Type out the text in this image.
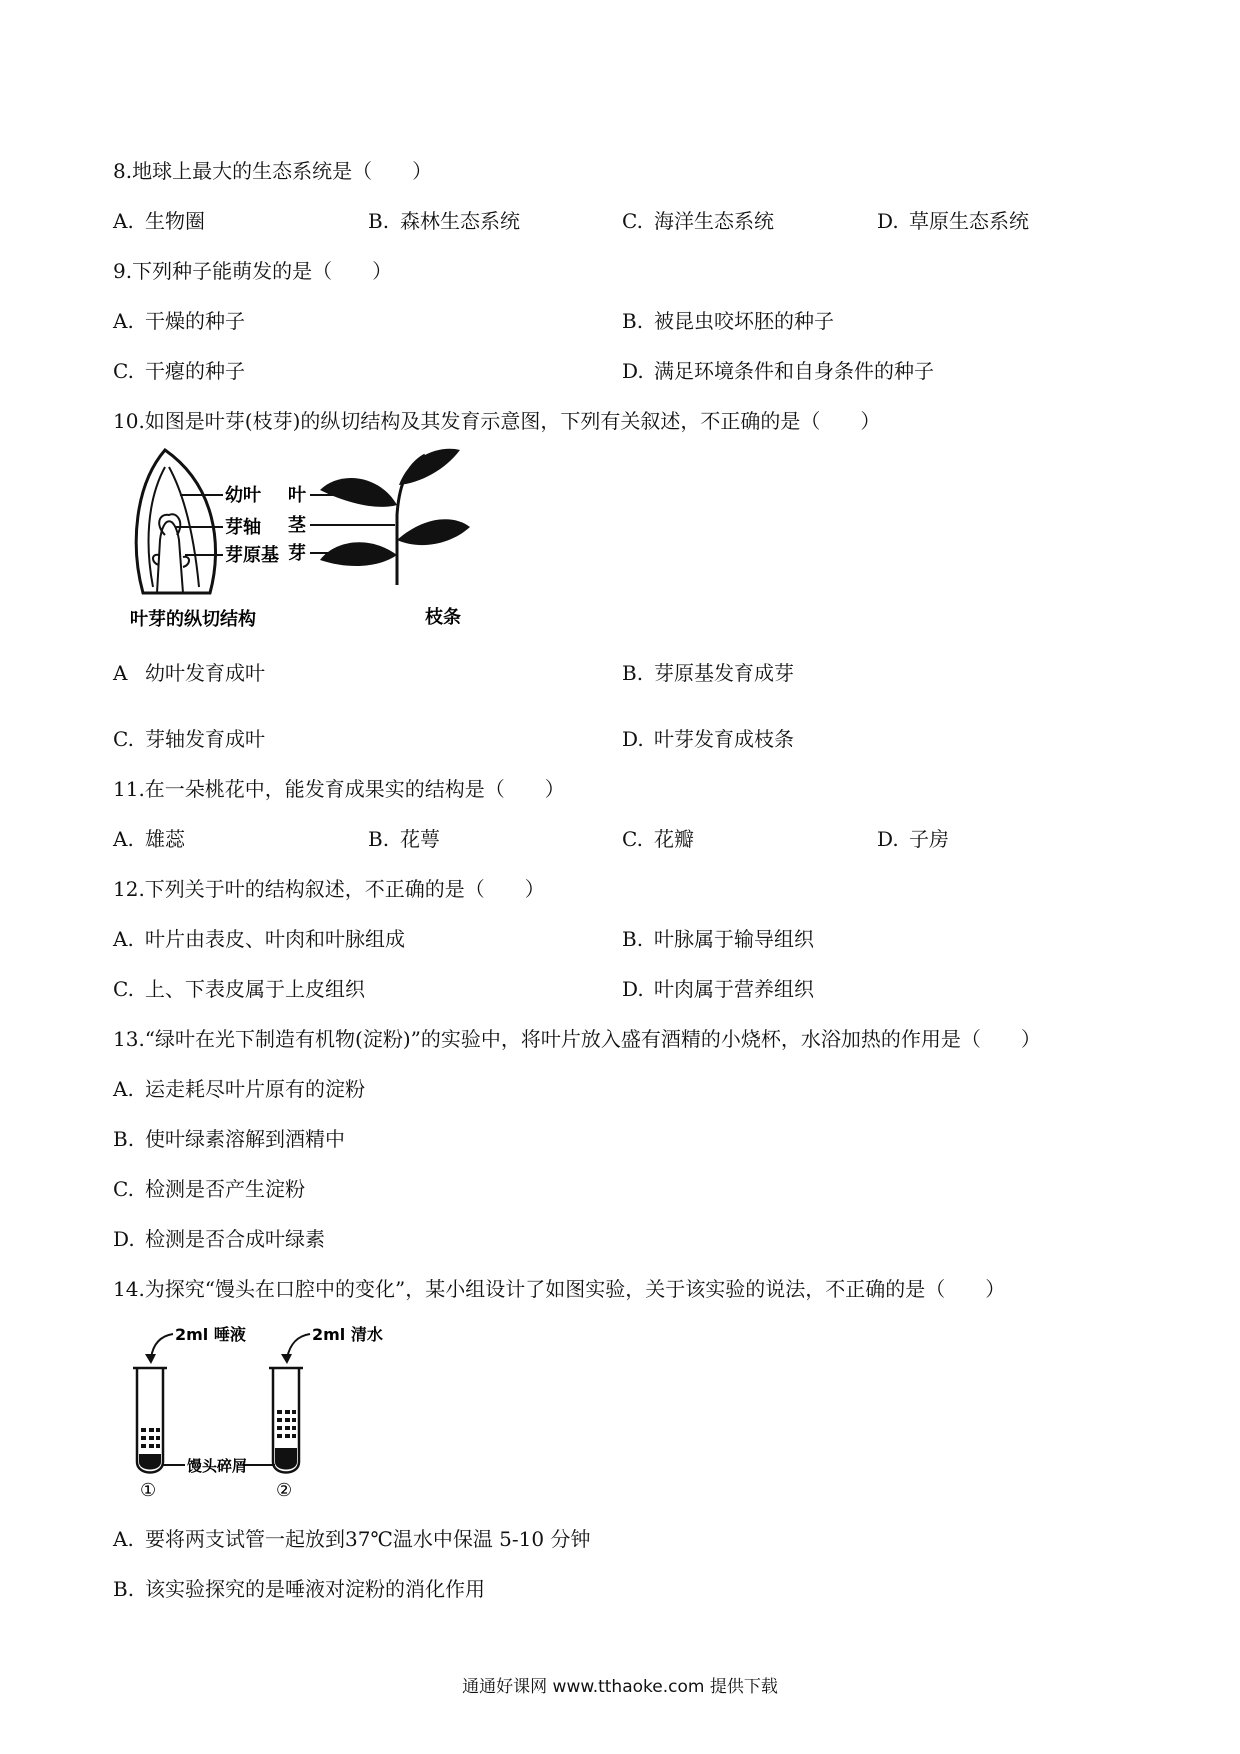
8.地球上最大的生态系统是（　　）
A. 生物圈	B. 森林生态系统	C. 海洋生态系统	D. 草原生态系统
9.下列种子能萌发的是（　　）
A. 干燥的种子	B. 被昆虫咬坏胚的种子
C. 干瘪的种子	D. 满足环境条件和自身条件的种子
10.如图是叶芽(枝芽)的纵切结构及其发育示意图，下列有关叙述，不正确的是（　　）
幼叶
芽轴
芽原基
叶芽的纵切结构
叶
茎
芽
枝条
A 幼叶发育成叶	B. 芽原基发育成芽
C. 芽轴发育成叶	D. 叶芽发育成枝条
11.在一朵桃花中，能发育成果实的结构是（　　）
A. 雄蕊	B. 花萼	C. 花瓣	D. 子房
12.下列关于叶的结构叙述，不正确的是（　　）
A. 叶片由表皮、叶肉和叶脉组成	B. 叶脉属于输导组织
C. 上、下表皮属于上皮组织	D. 叶肉属于营养组织
13.“绿叶在光下制造有机物(淀粉)”的实验中，将叶片放入盛有酒精的小烧杯，水浴加热的作用是（　　）
A. 运走耗尽叶片原有的淀粉
B. 使叶绿素溶解到酒精中
C. 检测是否产生淀粉
D. 检测是否合成叶绿素
14.为探究“馒头在口腔中的变化”，某小组设计了如图实验，关于该实验的说法，不正确的是（　　）
2ml 唾液	2ml 清水
馒头碎屑
①	②
A. 要将两支试管一起放到37℃温水中保温 5-10 分钟
B. 该实验探究的是唾液对淀粉的消化作用
通通好课网 www.tthaoke.com 提供下载
